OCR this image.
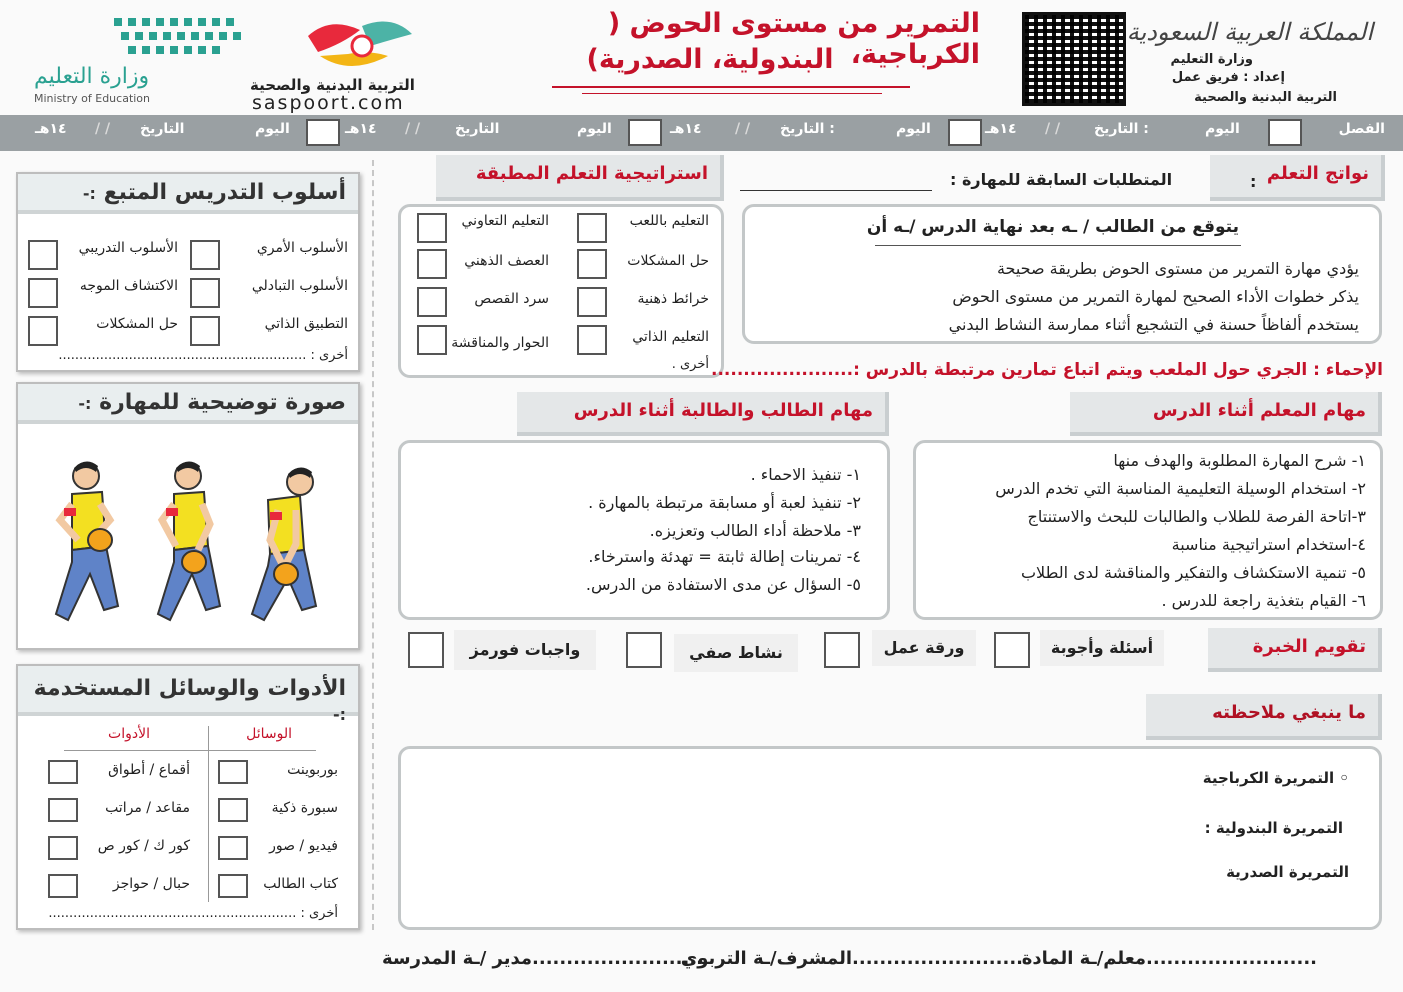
المملكة العربية السعودية
وزارة التعليم
إعداد : فريق عمل
التربية البدنية والصحية
التمرير من مستوى الحوض ( الكرباجية،
البندولية، الصدرية)
التربية البدنية والصحية
saspoort.com
وزارة التعليم
Ministry of Education
الفصل
اليوم
التاريخ :
/ /
١٤هـ
اليوم
التاريخ :
/ /
١٤هـ
اليوم
التاريخ
/ /
١٤هـ
اليوم
التاريخ
/ /
١٤هـ
أسلوب التدريس المتبع :-
الأسلوب الأمري
الأسلوب التدريبي
الأسلوب التبادلي
الاكتشاف الموجه
التطبيق الذاتي
حل المشكلات
أخرى : ............................................................
صورة توضيحية للمهارة :-
الأدوات والوسائل المستخدمة :-
الوسائل
الأدوات
بوربوينت
سبورة ذكية
فيديو / صور
كتاب الطالب
أقماع / أطواق
مقاعد / مراتب
كور ك / كور ص
حبال / حواجز
أخرى : ............................................................
نواتج التعلم
:
المتطلبات السابقة للمهارة :
يتوقع من الطالب / ـه بعد نهاية الدرس /ـه أن
يؤدي مهارة التمرير من مستوى الحوض بطريقة صحيحة
يذكر خطوات الأداء الصحيح لمهارة التمرير من مستوى الحوض
يستخدم ألفاظاً حسنة في التشجيع أثناء ممارسة النشاط البدني
استراتيجية التعلم المطبقة
التعليم باللعب
التعليم التعاوني
حل المشكلات
العصف الذهني
خرائط ذهنية
سرد القصص
التعليم الذاتي
الحوار والمناقشة
أخرى .	الإحماء : الجري حول الملعب ويتم اتباع تمارين مرتبطة بالدرس :......................
مهام المعلم أثناء الدرس
١- شرح المهارة المطلوبة والهدف منها
٢- استخدام الوسيلة التعليمية المناسبة التي تخدم الدرس
٣-اتاحة الفرصة للطلاب والطالبات للبحث والاستنتاج
٤-استخدام استراتيجية مناسبة
٥- تنمية الاستكشاف والتفكير والمناقشة لدى الطلاب
٦- القيام بتغذية راجعة للدرس .
مهام الطالب والطالبة أثناء الدرس
١- تنفيذ الاحماء .
٢- تنفيذ لعبة أو مسابقة مرتبطة بالمهارة .
٣- ملاحظة أداء الطالب وتعزيزه.
٤- تمرينات إطالة ثابتة = تهدئة واسترخاء.
٥- السؤال عن مدى الاستفادة من الدرس.
تقويم الخبرة
أسئلة وأجوبة
ورقة عمل
نشاط صفي
واجبات فورمز
ما ينبغي ملاحظته
◦ التمريرة الكرباجية
التمريرة البندولية :
التمريرة الصدرية
.........................معلم/ـة المادة
.........................المشرف/ـة التربوي
.........................مدير /ـة المدرسة
